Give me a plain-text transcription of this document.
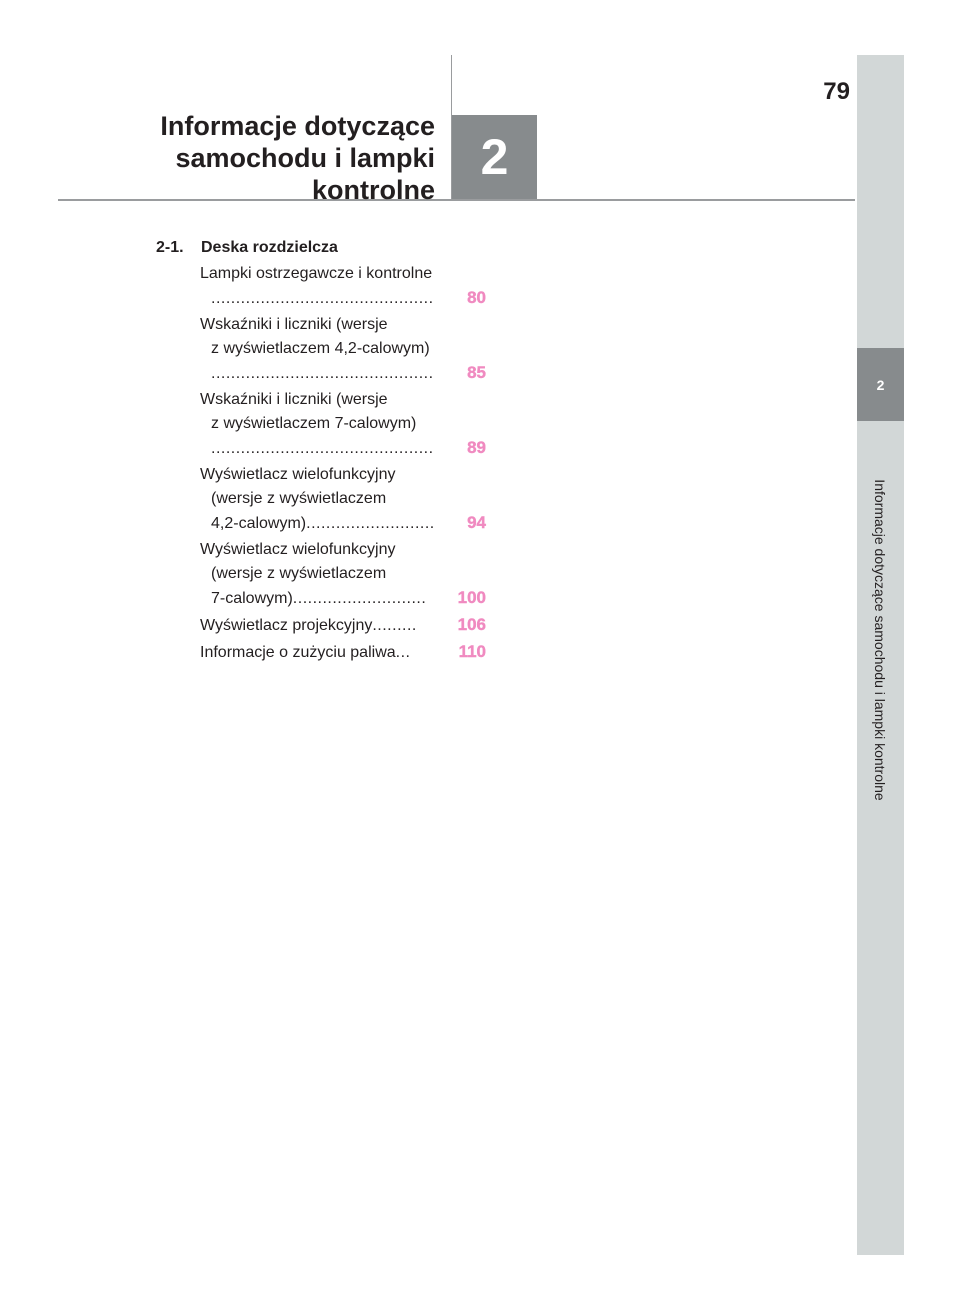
Informacje dotyczące
samochodu i lampki
kontrolne
2
79
2
Informacje dotyczące samochodu i lampki kontrolne
2-1. Deska rozdzielcza
Lampki ostrzegawcze i kontrolne
.............................................	80
Wskaźniki i liczniki (wersje
z wyświetlaczem 4,2-calowym)
.............................................	85
Wskaźniki i liczniki (wersje
z wyświetlaczem 7-calowym)
.............................................	89
Wyświetlacz wielofunkcyjny
(wersje z wyświetlaczem
4,2-calowym) ..........................	94
Wyświetlacz wielofunkcyjny
(wersje z wyświetlaczem
7-calowym) ...........................	100
Wyświetlacz projekcyjny .........	106
Informacje o zużyciu paliwa ...	110
